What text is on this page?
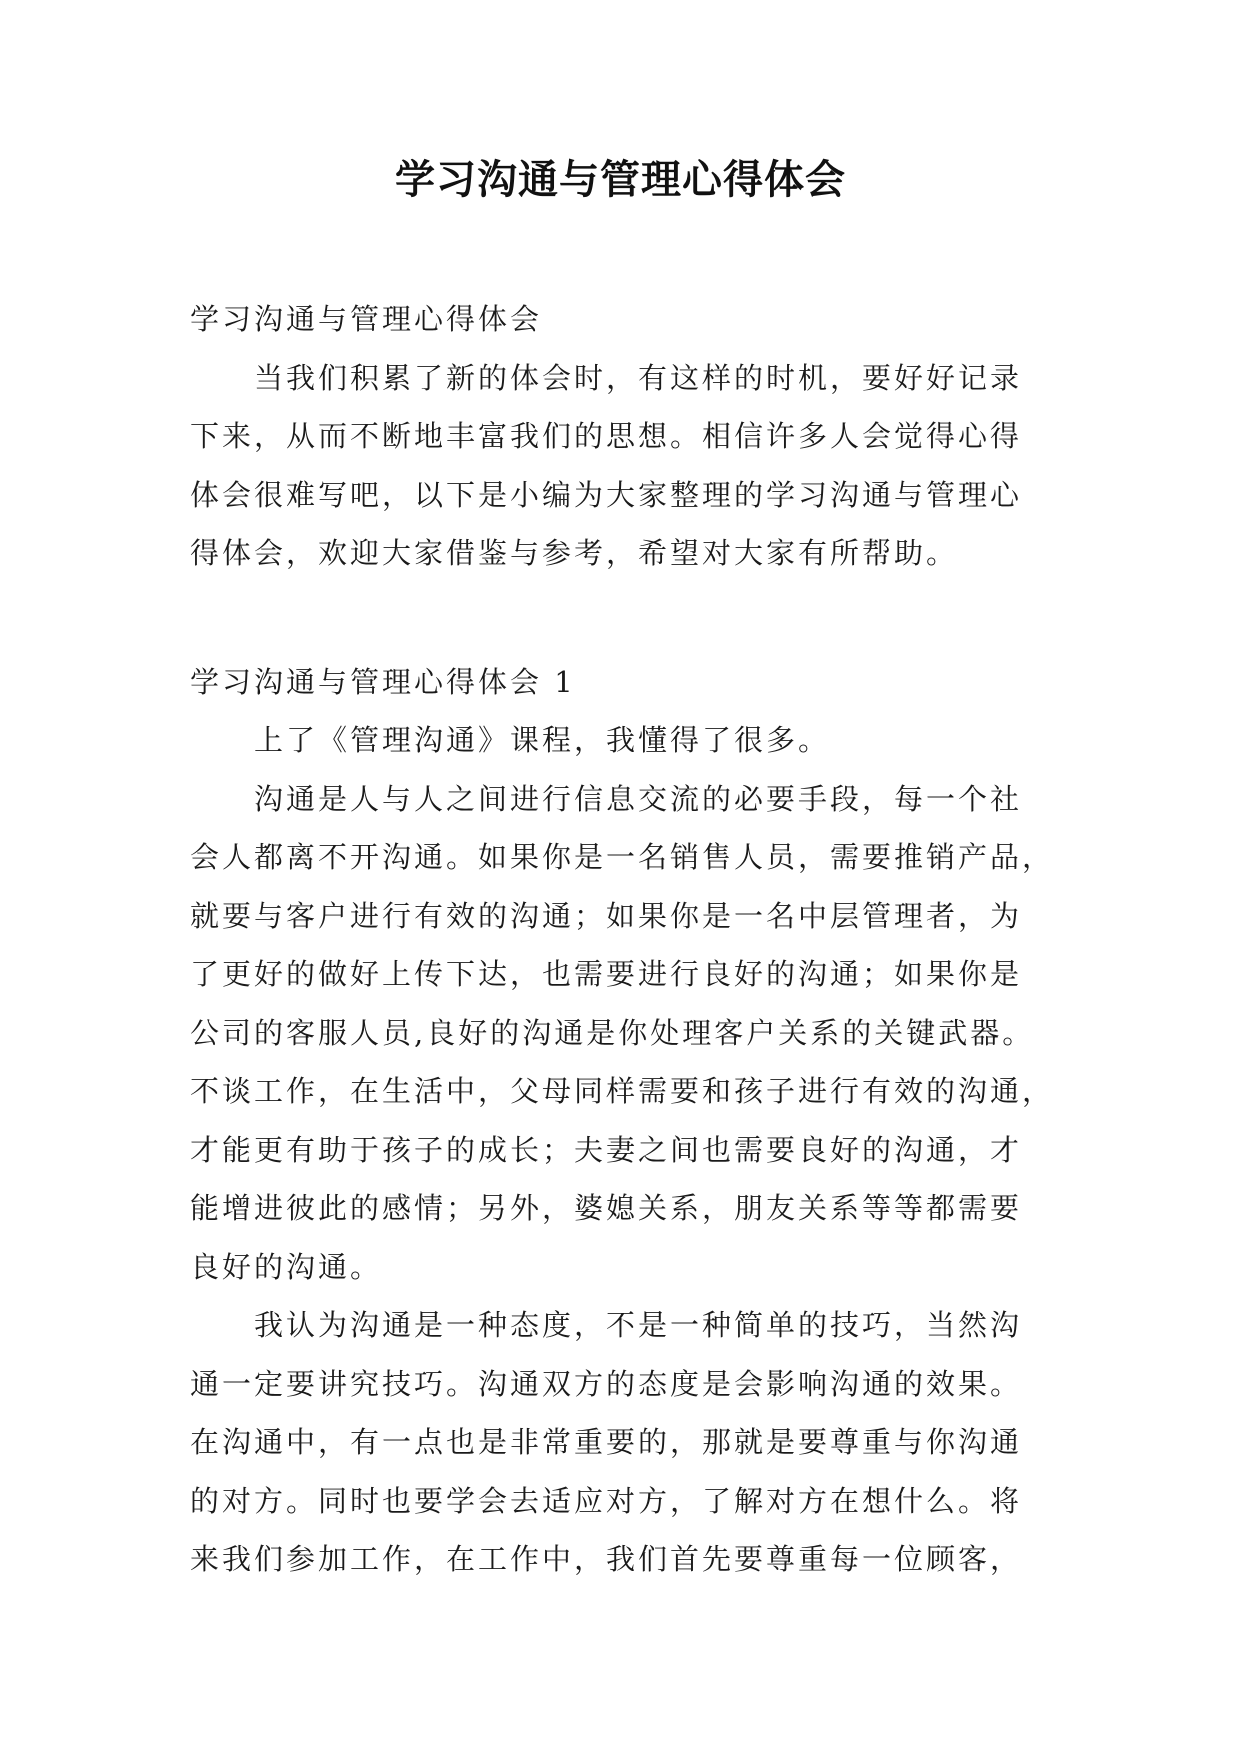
学习沟通与管理心得体会
学习沟通与管理心得体会
当我们积累了新的体会时，有这样的时机，要好好记录
下来，从而不断地丰富我们的思想。相信许多人会觉得心得
体会很难写吧，以下是小编为大家整理的学习沟通与管理心
得体会，欢迎大家借鉴与参考，希望对大家有所帮助。
学习沟通与管理心得体会 1
上了《管理沟通》课程，我懂得了很多。
沟通是人与人之间进行信息交流的必要手段，每一个社
会人都离不开沟通。如果你是一名销售人员，需要推销产品，
就要与客户进行有效的沟通；如果你是一名中层管理者，为
了更好的做好上传下达，也需要进行良好的沟通；如果你是
公司的客服人员,良好的沟通是你处理客户关系的关键武器。
不谈工作，在生活中，父母同样需要和孩子进行有效的沟通，
才能更有助于孩子的成长；夫妻之间也需要良好的沟通，才
能增进彼此的感情；另外，婆媳关系，朋友关系等等都需要
良好的沟通。
我认为沟通是一种态度，不是一种简单的技巧，当然沟
通一定要讲究技巧。沟通双方的态度是会影响沟通的效果。
在沟通中，有一点也是非常重要的，那就是要尊重与你沟通
的对方。同时也要学会去适应对方，了解对方在想什么。将
来我们参加工作，在工作中，我们首先要尊重每一位顾客，
